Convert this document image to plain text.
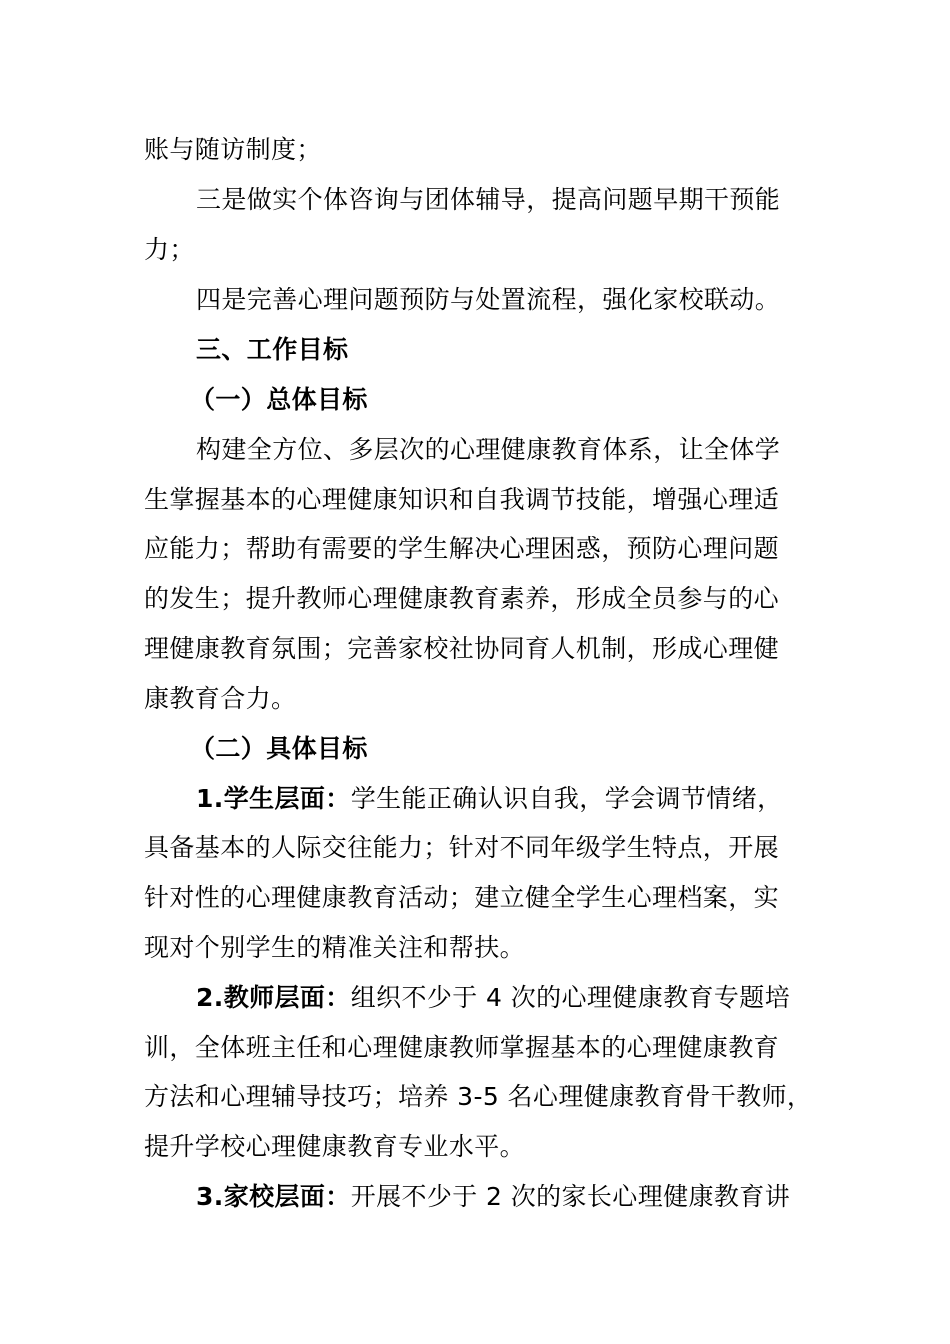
账与随访制度；
三是做实个体咨询与团体辅导，提高问题早期干预能
力；
四是完善心理问题预防与处置流程，强化家校联动。
三、工作目标
（一）总体目标
构建全方位、多层次的心理健康教育体系，让全体学
生掌握基本的心理健康知识和自我调节技能，增强心理适
应能力；帮助有需要的学生解决心理困惑，预防心理问题
的发生；提升教师心理健康教育素养，形成全员参与的心
理健康教育氛围；完善家校社协同育人机制，形成心理健
康教育合力。
（二）具体目标
1.学生层面：学生能正确认识自我，学会调节情绪，
具备基本的人际交往能力；针对不同年级学生特点，开展
针对性的心理健康教育活动；建立健全学生心理档案，实
现对个别学生的精准关注和帮扶。
2.教师层面：组织不少于 4 次的心理健康教育专题培
训，全体班主任和心理健康教师掌握基本的心理健康教育
方法和心理辅导技巧；培养 3-5 名心理健康教育骨干教师，
提升学校心理健康教育专业水平。
3.家校层面：开展不少于 2 次的家长心理健康教育讲
